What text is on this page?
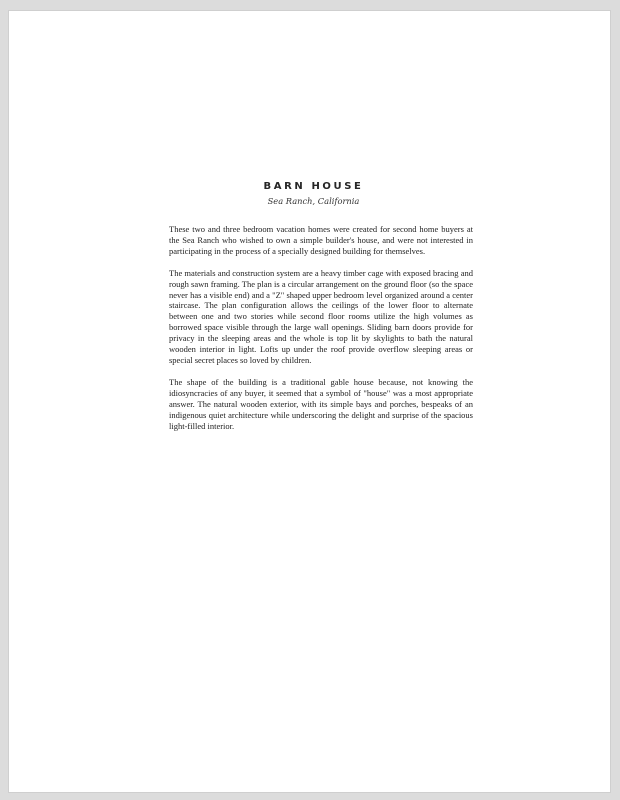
BARN HOUSE
Sea Ranch, California

These two and three bedroom vacation homes were created for second home buyers at the Sea Ranch who wished to own a simple builder's house, and were not interested in participating in the process of a specially designed building for themselves.

The materials and construction system are a heavy timber cage with exposed bracing and rough sawn framing. The plan is a circular arrangement on the ground floor (so the space never has a visible end) and a "Z" shaped upper bedroom level organized around a center staircase. The plan configuration allows the ceilings of the lower floor to alternate between one and two stories while second floor rooms utilize the high volumes as borrowed space visible through the large wall openings. Sliding barn doors provide for privacy in the sleeping areas and the whole is top lit by skylights to bath the natural wooden interior in light. Lofts up under the roof provide overflow sleeping areas or special secret places so loved by children.

The shape of the building is a traditional gable house because, not knowing the idiosyncracies of any buyer, it seemed that a symbol of "house" was a most appropriate answer. The natural wooden exterior, with its simple bays and porches, bespeaks of an indigenous quiet architecture while underscoring the delight and surprise of the spacious light-filled interior.
